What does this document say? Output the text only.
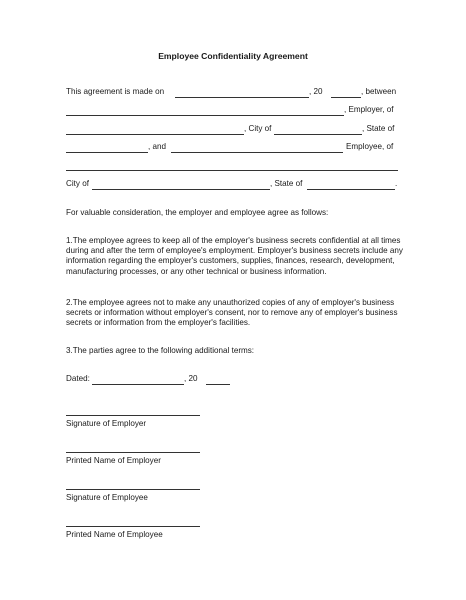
Employee Confidentiality Agreement
This agreement is made on	, 20	, between
, Employer, of
, City of	, State of
, and	Employee, of
City of	, State of	.
For valuable consideration, the employer and employee agree as follows:
1.The employee agrees to keep all of the employer's business secrets confidential at all times during and after the term of employee's employment. Employer's business secrets include any information regarding the employer's customers, supplies, finances, research, development, manufacturing processes, or any other technical or business information.
2.The employee agrees not to make any unauthorized copies of any of employer's business secrets or information without employer's consent, nor to remove any of employer's business secrets or information from the employer's facilities.
3.The parties agree to the following additional terms:
Dated:	, 20
Signature of Employer
Printed Name of Employer
Signature of Employee
Printed Name of Employee
